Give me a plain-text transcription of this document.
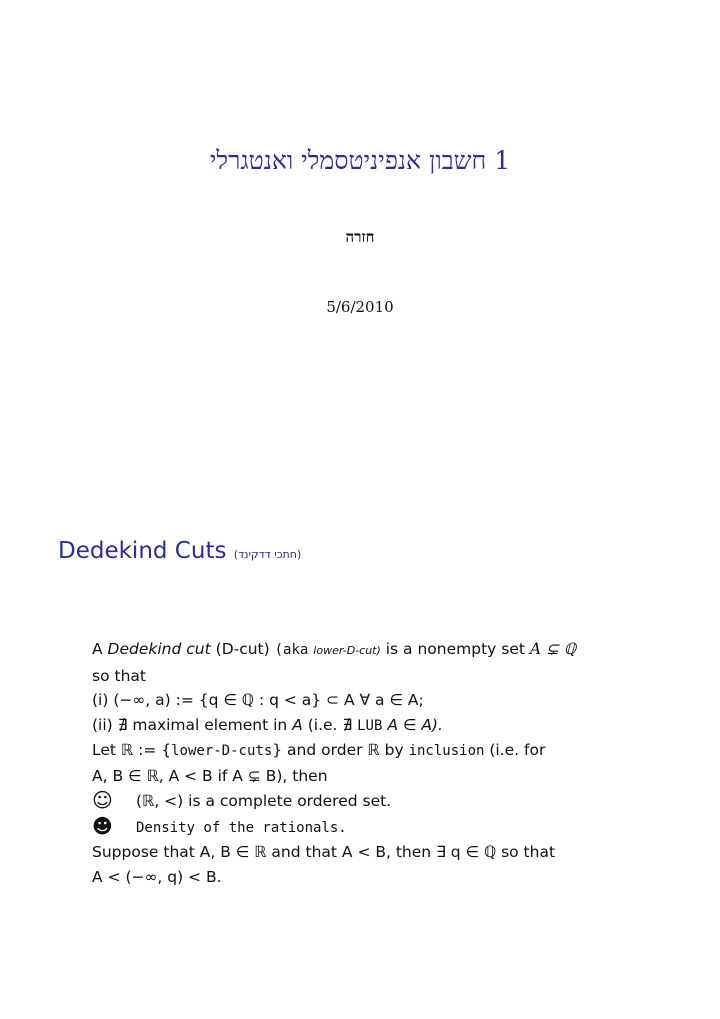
1 חשבון אנפיניטסמלי ואנטגרלי
חזרה
5/6/2010
Dedekind Cuts (חתכי דדקינד)
A Dedekind cut (D-cut) (aka lower-D-cut) is a nonempty set A ⊊ ℚ
so that
(i) (−∞, a) := {q ∈ ℚ : q < a} ⊂ A ∀ a ∈ A;
(ii) ∄ maximal element in A (i.e. ∄ LUB A ∈ A).
Let ℝ := {lower-D-cuts} and order ℝ by inclusion (i.e. for
A, B ∈ ℝ, A < B if A ⊊ B), then
☺ (ℝ, <) is a complete ordered set.
☻ Density of the rationals.
Suppose that A, B ∈ ℝ and that A < B, then ∃ q ∈ ℚ so that
A < (−∞, q) < B.
